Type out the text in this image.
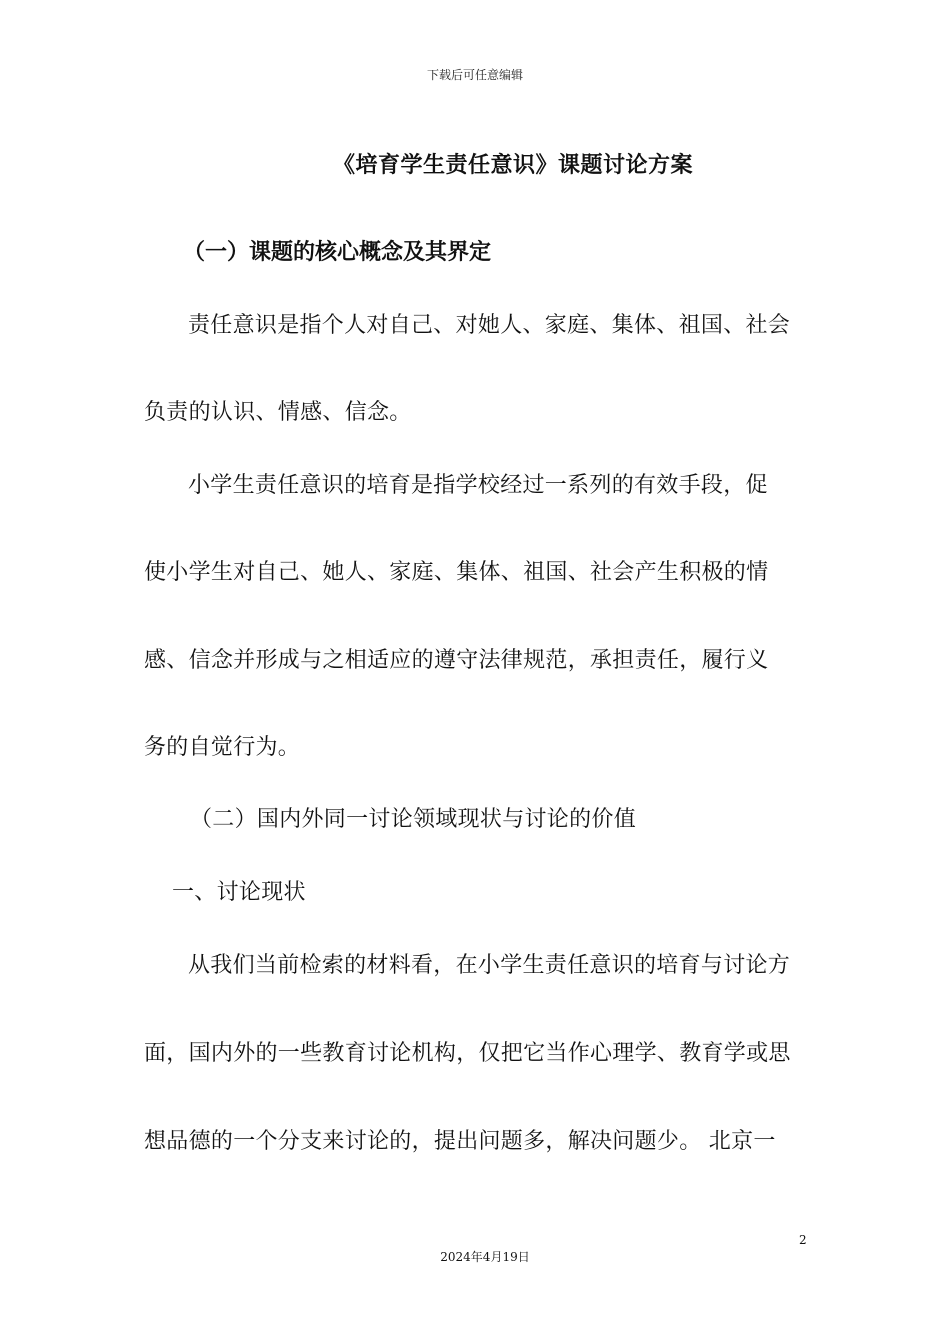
下载后可任意编辑
《培育学生责任意识》课题讨论方案
（一）课题的核心概念及其界定
责任意识是指个人对自己、对她人、家庭、集体、祖国、社会
负责的认识、情感、信念。
小学生责任意识的培育是指学校经过一系列的有效手段，促
使小学生对自己、她人、家庭、集体、祖国、社会产生积极的情
感、信念并形成与之相适应的遵守法律规范，承担责任，履行义
务的自觉行为。
（二）国内外同一讨论领域现状与讨论的价值
一、讨论现状
从我们当前检索的材料看，在小学生责任意识的培育与讨论方
面，国内外的一些教育讨论机构，仅把它当作心理学、教育学或思
想品德的一个分支来讨论的，提出问题多，解决问题少。 北京一
2
2024年4月19日
